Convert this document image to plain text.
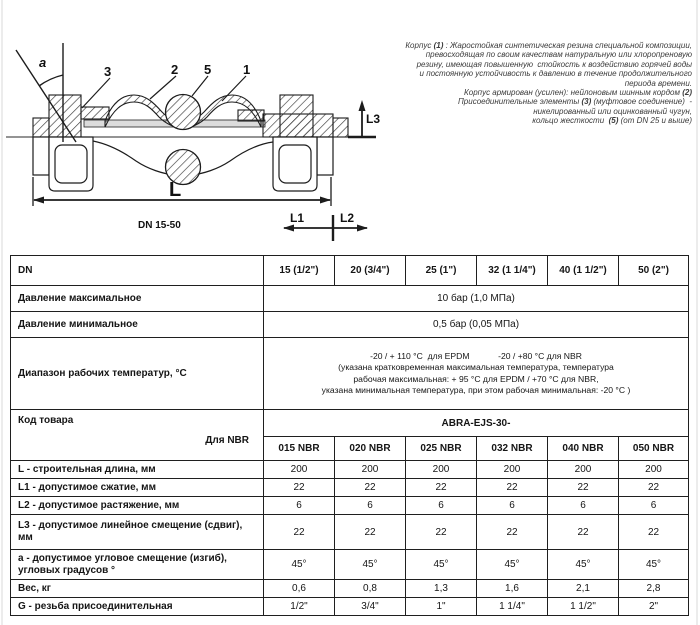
a
3	2 5 1
L
L1	L2
L3
DN 15-50
Корпус (1) : Жаростойкая синтетическая резина специальной композиции,
превосходящая по своим качествам натуральную или хлоропреновую
резину, имеющая повышенную  стойкость к воздействию горячей воды
и постоянную устойчивость к давлению в течение продолжительного
периода времени.
Корпус армирован (усилен): нейлоновым шинным кордом (2)
Присоединительные элементы (3) (муфтовое соединение)  -
никелированный или оцинкованный чугун,
кольцо жесткости  (5) (от DN 25 и выше)
DN	15 (1/2")	20 (3/4")	25 (1")	32 (1 1/4")	40 (1 1/2")	50 (2")
Давление максимальное	10 бар (1,0 МПа)					
Давление минимальное	0,5 бар (0,05 МПа)					
Диапазон рабочих температур, °С	-20 / + 110 °C  для EPDM            -20 / +80 °C для NBR
(указана кратковременная максимальная температура, температура
рабочая максимальная: + 95 °C для EPDM / +70 °C для NBR,
указана минимальная температура, при этом рабочая минимальная: -20 °C )					

Код товара
Для NBR	ABRA-EJS-30-					
	015 NBR	020 NBR	025 NBR	032 NBR	040 NBR	050 NBR
L - строительная длина, мм	200	200	200	200	200	200
L1 - допустимое сжатие, мм	22	22	22	22	22	22
L2 - допустимое растяжение, мм	6	6	6	6	6	6
L3 - допустимое линейное смещение (сдвиг), мм	22	22	22	22	22	22
a - допустимое угловое смещение (изгиб), угловых градусов °	45°	45°	45°	45°	45°	45°
Вес, кг	0,6	0,8	1,3	1,6	2,1	2,8
G - резьба присоединительная	1/2"	3/4"	1"	1 1/4"	1 1/2"	2"
